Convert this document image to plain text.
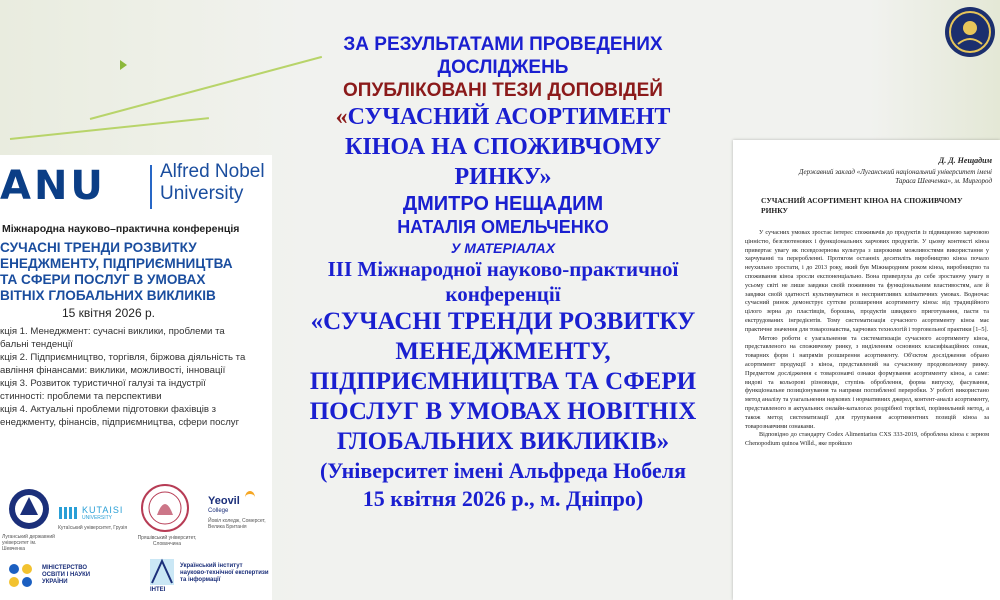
ANU	Alfred Nobel
University
Міжнародна науково–практична конференція
СУЧАСНІ ТРЕНДИ РОЗВИТКУ
ЕНЕДЖМЕНТУ, ПІДПРИЄМНИЦТВА
ТА СФЕРИ ПОСЛУГ В УМОВАХ
ВІТНІХ ГЛОБАЛЬНИХ ВИКЛИКІВ
15 квітня 2026 р.
кція 1. Менеджмент: сучасні виклики, проблеми та
бальні тенденції
кція 2. Підприємництво, торгівля, біржова діяльність та
авління фінансами: виклики, можливості, інновації
кція 3. Розвиток туристичної галузі та індустрії
стинності: проблеми та перспективи
кція 4. Актуальні проблеми підготовки фахівців з
енеджменту, фінансів, підприємництва, сфери послуг
Луганський державний університет ім. Шевченка
KUTAISI
UNIVERSITY
Кутаїський університет, Грузія
Пряшівський університет, Словаччина
Yeovil
College
Йовіл коледж, Сомерсет, Велика Британія
МІНІСТЕРСТВО ОСВІТИ І НАУКИ УКРАЇНИ
ІНТЕІ
Український інститут науково-технічної експертизи та інформації
ЗА РЕЗУЛЬТАТАМИ ПРОВЕДЕНИХ
ДОСЛІДЖЕНЬ
ОПУБЛІКОВАНІ ТЕЗИ ДОПОВІДЕЙ
«СУЧАСНИЙ АСОРТИМЕНТ
КІНОА НА СПОЖИВЧОМУ
РИНКУ»
ДМИТРО НЕЩАДИМ
НАТАЛІЯ ОМЕЛЬЧЕНКО
У МАТЕРІАЛАХ
ІІІ Міжнародної науково-практичної
конференції
«СУЧАСНІ ТРЕНДИ РОЗВИТКУ
МЕНЕДЖМЕНТУ,
ПІДПРИЄМНИЦТВА ТА СФЕРИ
ПОСЛУГ В УМОВАХ НОВІТНІХ
ГЛОБАЛЬНИХ ВИКЛИКІВ»
(Університет імені Альфреда Нобеля
15 квітня 2026 р., м. Дніпро)
Д. Д. Нещадим
Державний заклад «Луганський національний університет імені Тараса Шевченка», м. Миргород
СУЧАСНИЙ АСОРТИМЕНТ КІНОА НА СПОЖИВЧОМУ РИНКУ

У сучасних умовах зростає інтерес споживачів до продуктів із підвищеною харчовою цінністю, безглютенових і функціональних харчових продуктів. У цьому контексті кіноа привертає увагу як псевдозернова культура з широкими можливостями використання у харчуванні та переробленні. Протягом останніх десятиліть виробництво кіноа почало неухильно зростати, і до 2013 року, який був Міжнародним роком кіноа, виробництво та споживання кіноа зросли експоненціально. Вона приверлула до себе зростаючу увагу в усьому світі не лише завдяки своїй поживним та функціональним властивостям, але й завдяки своїй здатності культивуватися в несприятливих кліматичних умовах. Водночас сучасний ринок демонструє суттєве розширення асортименту кіноа: від традиційного цілого зерна до пластівців, борошна, продуктів швидкого приготування, пасти та екструдованих інгредієнтів. Тому систематизація сучасного асортименту кіноа має практичне значення для товарознавства, харчових технологій і торговельної практики [1–5].

Метою роботи є узагальнення та систематизація сучасного асортименту кіноа, представленого на споживчому ринку, з виділенням основних класифікаційних ознак, товарних форм і напрямів розширення асортименту. Об'єктом дослідження обрано асортимент продукції з кіноа, представлений на сучасному продовольчому ринку. Предметом дослідження є товарознавчі ознаки формування асортименту кіноа, а саме: видові та кольорові різновиди, ступінь оброблення, форма випуску, фасування, функціональне позиціонування та напрями поглибленої переробки. У роботі використано метод аналізу та узагальнення наукових і нормативних джерел, контент-аналіз асортименту, представленого в актуальних онлайн-каталогах роздрібної торгівлі, порівняльний метод, а також метод систематизації для групування асортиментних позицій кіноа за товарознавчими ознаками.

Відповідно до стандарту Codex Alimentarius CXS 333-2019, оброблена кіноа є зерном Chenopodium quinoa Willd., яке пройшло
